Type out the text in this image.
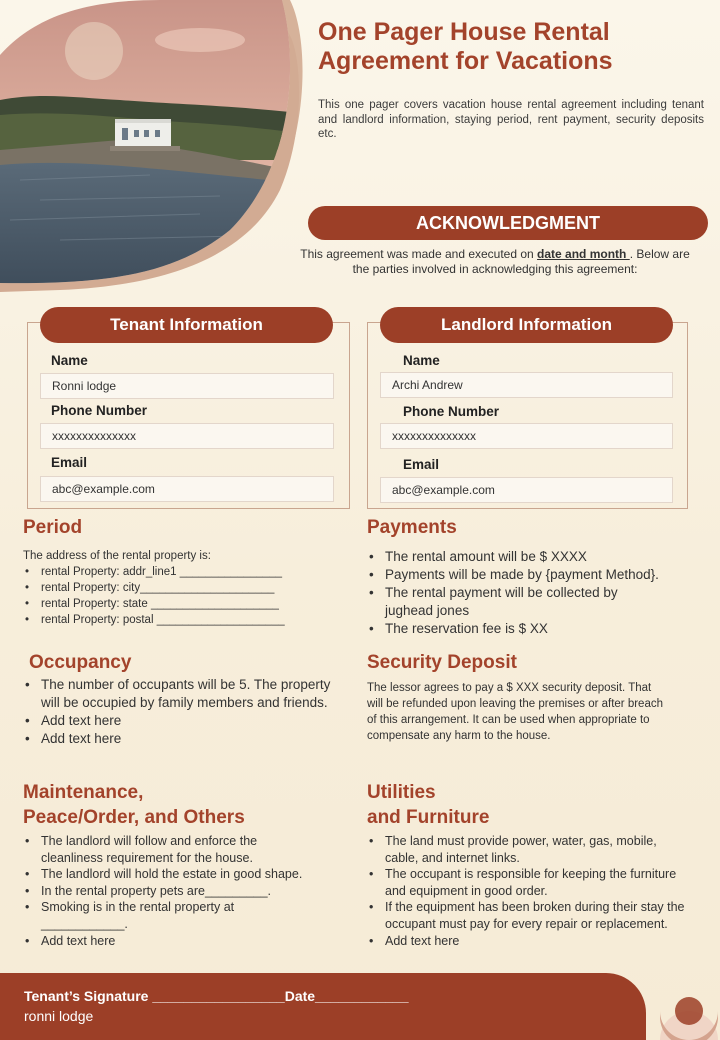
One Pager House Rental Agreement for Vacations
This one pager covers vacation house rental agreement including tenant and landlord information, staying period, rent payment, security deposits etc.
ACKNOWLEDGMENT
This agreement was made and executed on date and month . Below are the parties involved in acknowledging this agreement:
Tenant Information
Name
Ronni lodge
Phone Number
xxxxxxxxxxxxxx
Email
abc@example.com
Landlord Information
Name
Archi Andrew
Phone Number
xxxxxxxxxxxxxx
Email
abc@example.com
Period
The address of the rental property is:
• rental Property: addr_line1 ________________
• rental Property: city_____________________
• rental Property: state ____________________
• rental Property: postal ____________________
Payments
• The rental amount will be $ XXXX
• Payments will be made by {payment Method}.
• The rental payment will be collected by jughead jones
• The reservation fee is $ XX
Occupancy
• The number of occupants will be 5. The property will be occupied by family members and friends.
• Add text here
• Add text here
Security Deposit
The lessor agrees to pay a $ XXX security deposit. That will be refunded upon leaving the premises or after breach of this arrangement. It can be used when appropriate to compensate any harm to the house.
Maintenance,
Peace/Order, and Others
• The landlord will follow and enforce the cleanliness requirement for the house.
• The landlord will hold the estate in good shape.
• In the rental property pets are_________.
• Smoking is in the rental property at ____________.
• Add text here
Utilities
and Furniture
• The land must provide power, water, gas, mobile, cable, and internet links.
• The occupant is responsible for keeping the furniture and equipment in good order.
• If the equipment has been broken during their stay the occupant must pay for every repair or replacement.
• Add text here
Tenant’s Signature _________________Date____________
ronni lodge
